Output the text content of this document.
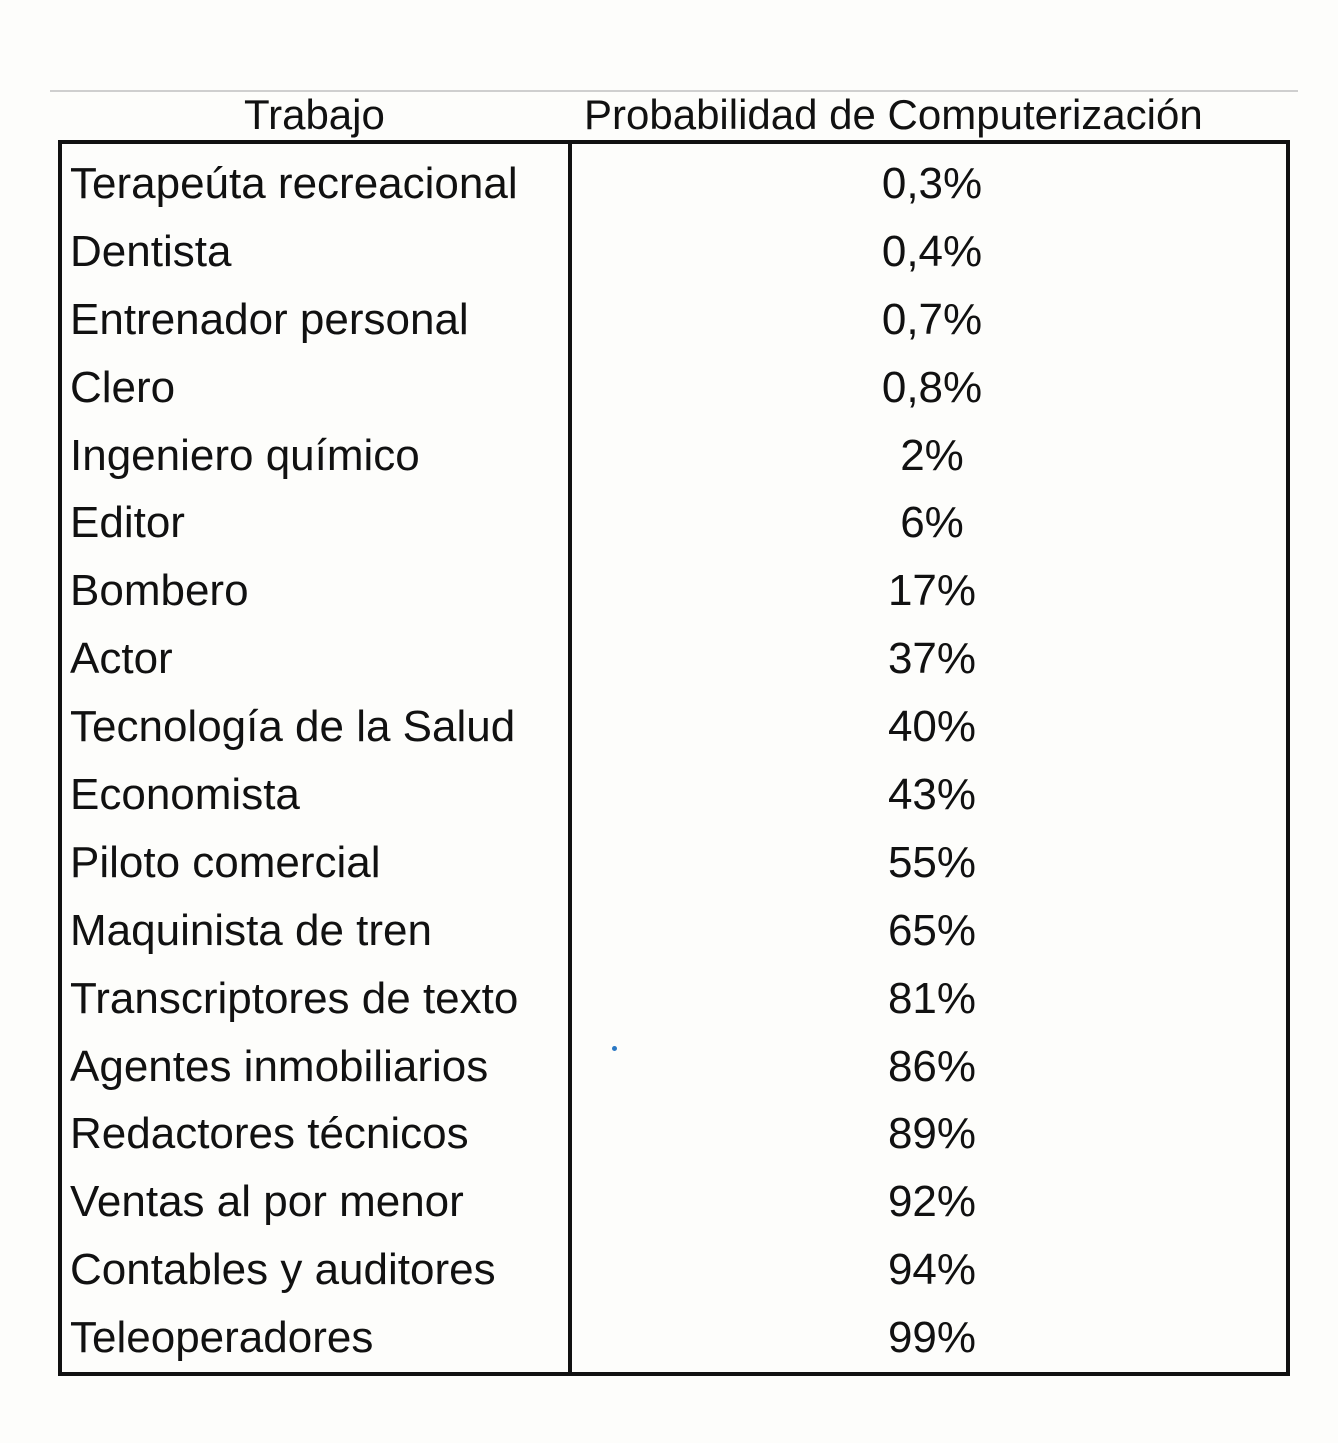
Trabajo	Probabilidad de Computerización
Terapeúta recreacional	0,3%
Dentista	0,4%
Entrenador personal	0,7%
Clero	0,8%
Ingeniero químico	2%
Editor	6%
Bombero	17%
Actor	37%
Tecnología de la Salud	40%
Economista	43%
Piloto comercial	55%
Maquinista de tren	65%
Transcriptores de texto	81%
Agentes inmobiliarios	86%
Redactores técnicos	89%
Ventas al por menor	92%
Contables y auditores	94%
Teleoperadores	99%
